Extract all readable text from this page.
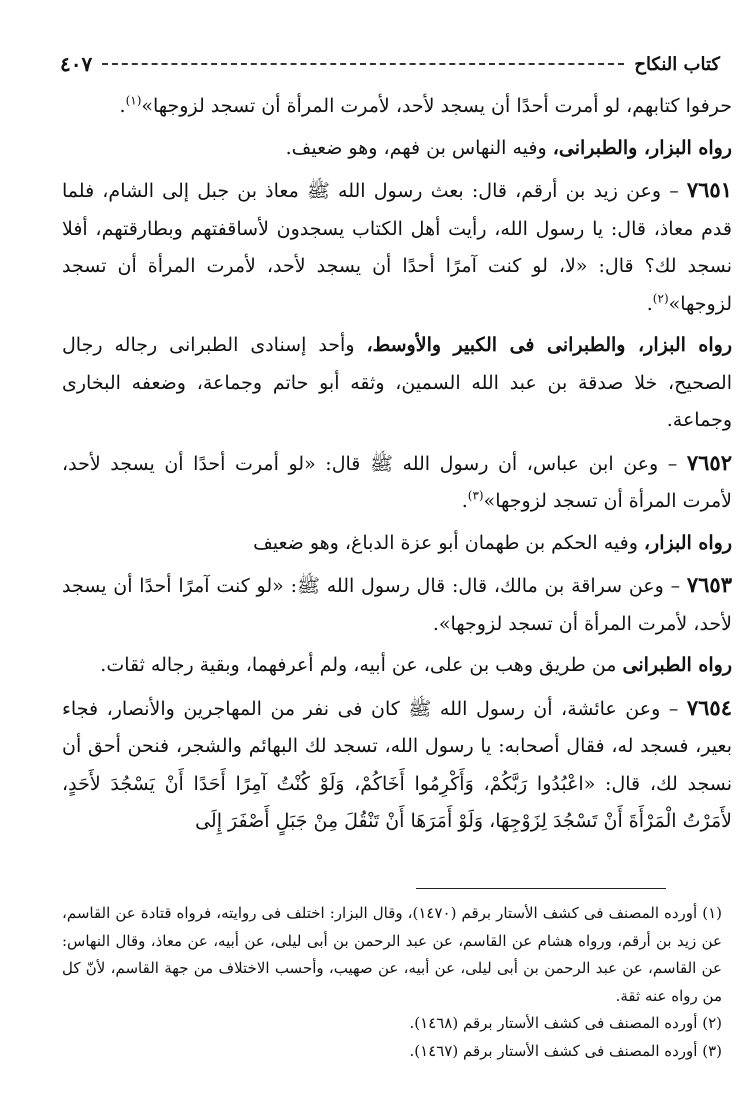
كتاب النكاح
٤٠٧

حرفوا كتابهم، لو أمرت أحدًا أن يسجد لأحد، لأمرت المرأة أن تسجد لزوجها»$^{(١)}$.

رواه البزار، والطبرانى، وفيه النهاس بن فهم، وهو ضعيف.

٧٦٥١ – وعن زيد بن أرقم، قال: بعث رسول الله ﷺ معاذ بن جبل إلى الشام، فلما قدم معاذ، قال: يا رسول الله، رأيت أهل الكتاب يسجدون لأساقفتهم وبطارقتهم، أفلا نسجد لك؟ قال: «لا، لو كنت آمرًا أحدًا أن يسجد لأحد، لأمرت المرأة أن تسجد لزوجها»$^{(٢)}$.

رواه البزار، والطبرانى فى الكبير والأوسط، وأحد إسنادى الطبرانى رجاله رجال الصحيح، خلا صدقة بن عبد الله السمين، وثقه أبو حاتم وجماعة، وضعفه البخارى وجماعة.

٧٦٥٢ – وعن ابن عباس، أن رسول الله ﷺ قال: «لو أمرت أحدًا أن يسجد لأحد، لأمرت المرأة أن تسجد لزوجها»$^{(٣)}$.

رواه البزار، وفيه الحكم بن طهمان أبو عزة الدباغ، وهو ضعيف

٧٦٥٣ – وعن سراقة بن مالك، قال: قال رسول الله ﷺ: «لو كنت آمرًا أحدًا أن يسجد لأحد، لأمرت المرأة أن تسجد لزوجها».

رواه الطبرانى من طريق وهب بن على، عن أبيه، ولم أعرفهما، وبقية رجاله ثقات.

٧٦٥٤ – وعن عائشة، أن رسول الله ﷺ كان فى نفر من المهاجرين والأنصار، فجاء بعير، فسجد له، فقال أصحابه: يا رسول الله، تسجد لك البهائم والشجر، فنحن أحق أن نسجد لك، قال: «اعْبُدُوا رَبَّكُمْ، وَأَكْرِمُوا أَخَاكُمْ، وَلَوْ كُنْتُ آمِرًا أَحَدًا أَنْ يَسْجُدَ لأَحَدٍ، لأَمَرْتُ الْمَرْأَةَ أَنْ تَسْجُدَ لِزَوْجِهَا، وَلَوْ أَمَرَهَا أَنْ تَنْقُلَ مِنْ جَبَلٍ أَصْفَرَ إِلَى

(١) أورده المصنف فى كشف الأستار برقم (١٤٧٠)، وقال البزار: اختلف فى روايته، فرواه قتادة عن القاسم، عن زيد بن أرقم، ورواه هشام عن القاسم، عن عبد الرحمن بن أبى ليلى، عن أبيه، عن معاذ، وقال النهاس: عن القاسم، عن عبد الرحمن بن أبى ليلى، عن أبيه، عن صهيب، وأحسب الاختلاف من جهة القاسم، لأنّ كل من رواه عنه ثقة.

(٢) أورده المصنف فى كشف الأستار برقم (١٤٦٨).

(٣) أورده المصنف فى كشف الأستار برقم (١٤٦٧).
